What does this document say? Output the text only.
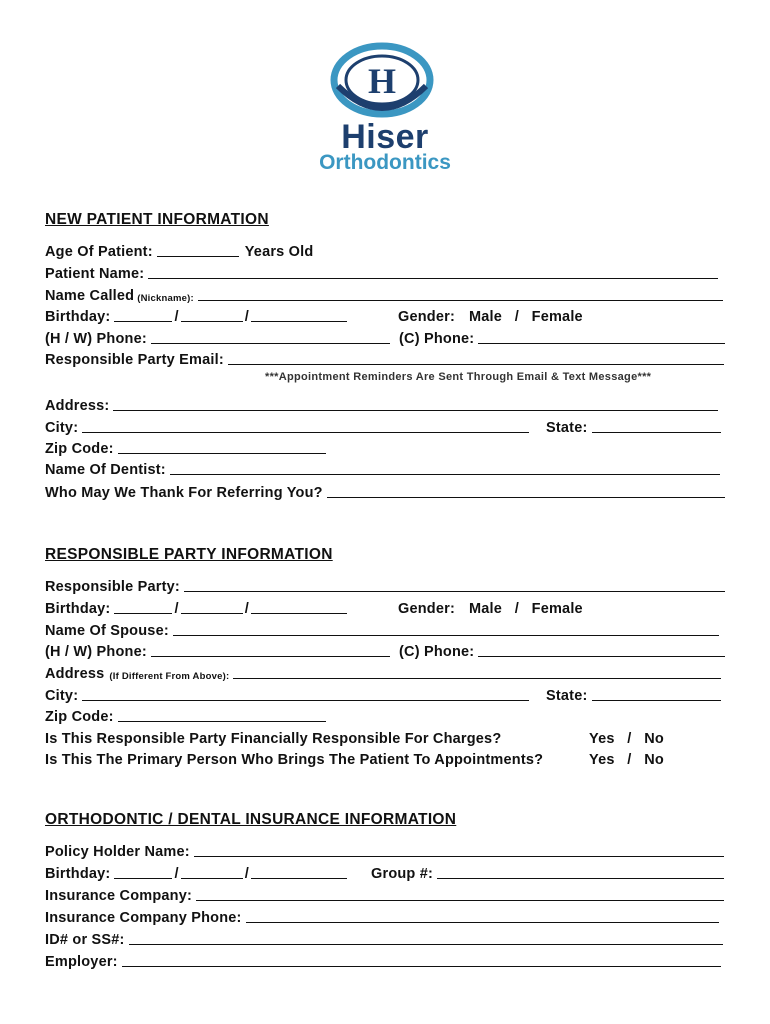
H
Hiser
Orthodontics
NEW PATIENT INFORMATION
Age Of Patient:	Years Old
Patient Name:
Name Called (Nickname):
Birthday:	/	/	Gender: Male   /   Female
(H / W) Phone:	(C) Phone:
Responsible Party Email:
***Appointment Reminders Are Sent Through Email & Text Message***
Address:
City:	State:
Zip Code:
Name Of Dentist:
Who May We Thank For Referring You?
RESPONSIBLE PARTY INFORMATION
Responsible Party:
Birthday:	/	/	Gender: Male   /   Female
Name Of Spouse:
(H / W) Phone:	(C) Phone:
Address (If Different From Above):
City:	State:
Zip Code:
Is This Responsible Party Financially Responsible For Charges?	Yes   /   No
Is This The Primary Person Who Brings The Patient To Appointments?	Yes   /   No
ORTHODONTIC / DENTAL INSURANCE INFORMATION
Policy Holder Name:
Birthday:	/	/	Group #:
Insurance Company:
Insurance Company Phone:
ID# or SS#:
Employer:
